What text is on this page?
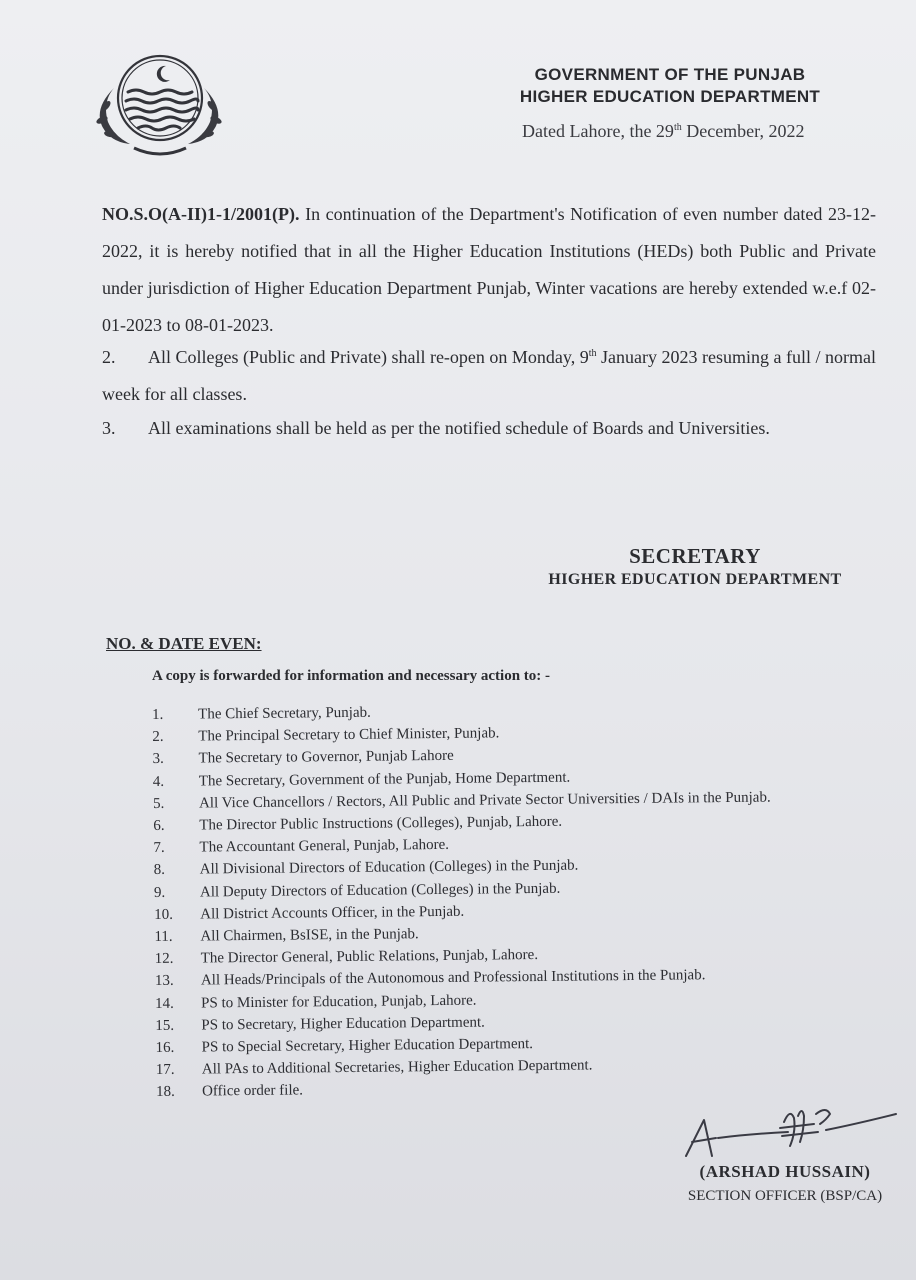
GOVERNMENT OF THE PUNJAB
HIGHER EDUCATION DEPARTMENT
Dated Lahore, the 29th December, 2022
NO.S.O(A-II)1-1/2001(P). In continuation of the Department's Notification of even number dated 23-12-2022, it is hereby notified that in all the Higher Education Institutions (HEDs) both Public and Private under jurisdiction of Higher Education Department Punjab, Winter vacations are hereby extended w.e.f 02-01-2023 to 08-01-2023.
2. All Colleges (Public and Private) shall re-open on Monday, 9th January 2023 resuming a full / normal week for all classes.
3. All examinations shall be held as per the notified schedule of Boards and Universities.
SECRETARY
HIGHER EDUCATION DEPARTMENT
NO. & DATE EVEN:
A copy is forwarded for information and necessary action to: -
1. The Chief Secretary, Punjab.
2. The Principal Secretary to Chief Minister, Punjab.
3. The Secretary to Governor, Punjab Lahore
4. The Secretary, Government of the Punjab, Home Department.
5. All Vice Chancellors / Rectors, All Public and Private Sector Universities / DAIs in the Punjab.
6. The Director Public Instructions (Colleges), Punjab, Lahore.
7. The Accountant General, Punjab, Lahore.
8. All Divisional Directors of Education (Colleges) in the Punjab.
9. All Deputy Directors of Education (Colleges) in the Punjab.
10. All District Accounts Officer, in the Punjab.
11. All Chairmen, BsISE, in the Punjab.
12. The Director General, Public Relations, Punjab, Lahore.
13. All Heads/Principals of the Autonomous and Professional Institutions in the Punjab.
14. PS to Minister for Education, Punjab, Lahore.
15. PS to Secretary, Higher Education Department.
16. PS to Special Secretary, Higher Education Department.
17. All PAs to Additional Secretaries, Higher Education Department.
18. Office order file.
(ARSHAD HUSSAIN)
SECTION OFFICER (BSP/CA)
